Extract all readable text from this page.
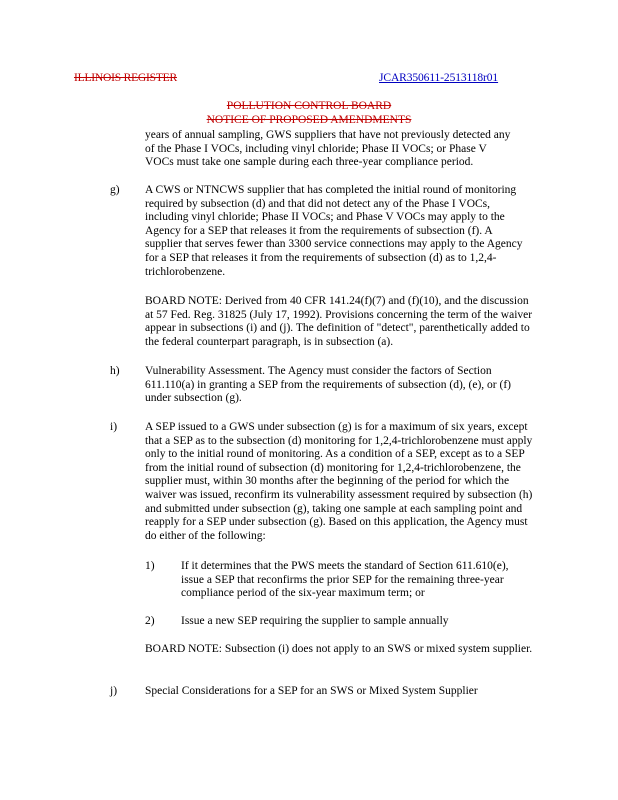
ILLINOIS REGISTER	JCAR350611-2513118r01
POLLUTION CONTROL BOARD
NOTICE OF PROPOSED AMENDMENTS
years of annual sampling, GWS suppliers that have not previously detected any of the Phase I VOCs, including vinyl chloride; Phase II VOCs; or Phase V VOCs must take one sample during each three-year compliance period.
g) A CWS or NTNCWS supplier that has completed the initial round of monitoring required by subsection (d) and that did not detect any of the Phase I VOCs, including vinyl chloride; Phase II VOCs; and Phase V VOCs may apply to the Agency for a SEP that releases it from the requirements of subsection (f). A supplier that serves fewer than 3300 service connections may apply to the Agency for a SEP that releases it from the requirements of subsection (d) as to 1,2,4-trichlorobenzene.
BOARD NOTE: Derived from 40 CFR 141.24(f)(7) and (f)(10), and the discussion at 57 Fed. Reg. 31825 (July 17, 1992). Provisions concerning the term of the waiver appear in subsections (i) and (j). The definition of "detect", parenthetically added to the federal counterpart paragraph, is in subsection (a).
h) Vulnerability Assessment. The Agency must consider the factors of Section 611.110(a) in granting a SEP from the requirements of subsection (d), (e), or (f) under subsection (g).
i) A SEP issued to a GWS under subsection (g) is for a maximum of six years, except that a SEP as to the subsection (d) monitoring for 1,2,4-trichlorobenzene must apply only to the initial round of monitoring. As a condition of a SEP, except as to a SEP from the initial round of subsection (d) monitoring for 1,2,4-trichlorobenzene, the supplier must, within 30 months after the beginning of the period for which the waiver was issued, reconfirm its vulnerability assessment required by subsection (h) and submitted under subsection (g), taking one sample at each sampling point and reapply for a SEP under subsection (g). Based on this application, the Agency must do either of the following:
1) If it determines that the PWS meets the standard of Section 611.610(e), issue a SEP that reconfirms the prior SEP for the remaining three-year compliance period of the six-year maximum term; or
2) Issue a new SEP requiring the supplier to sample annually
BOARD NOTE: Subsection (i) does not apply to an SWS or mixed system supplier.
j) Special Considerations for a SEP for an SWS or Mixed System Supplier
